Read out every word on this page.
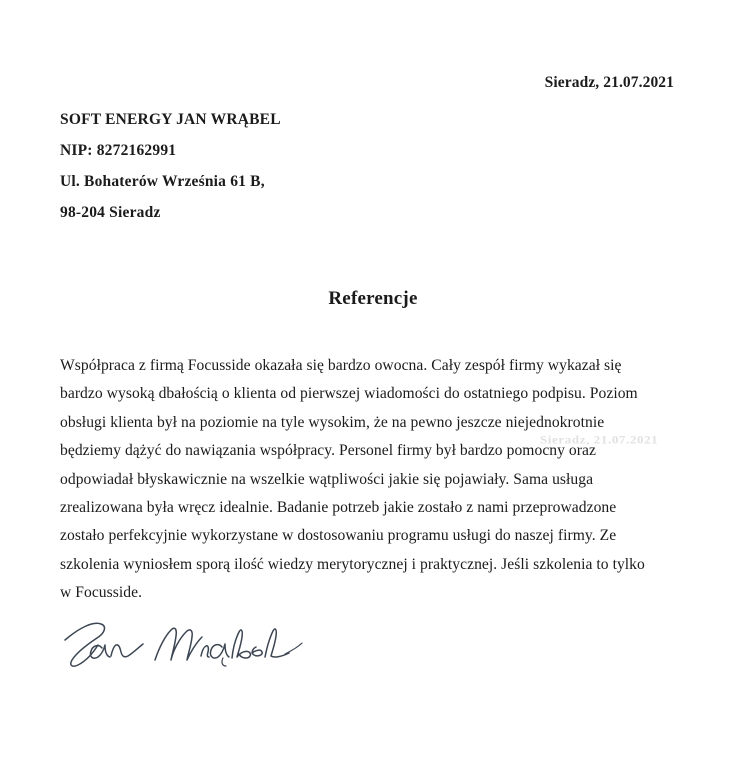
Sieradz, 21.07.2021
SOFT ENERGY JAN WRĄBEL
NIP: 8272162991
Ul. Bohaterów Września 61 B,
98-204 Sieradz
Referencje
Współpraca z firmą Focusside okazała się bardzo owocna. Cały zespół firmy wykazał się
bardzo wysoką dbałością o klienta od pierwszej wiadomości do ostatniego podpisu. Poziom
obsługi klienta był na poziomie na tyle wysokim, że na pewno jeszcze niejednokrotnie
będziemy dążyć do nawiązania współpracy. Personel firmy był bardzo pomocny oraz
odpowiadał błyskawicznie na wszelkie wątpliwości jakie się pojawiały. Sama usługa
zrealizowana była wręcz idealnie. Badanie potrzeb jakie zostało z nami przeprowadzone
zostało perfekcyjnie wykorzystane w dostosowaniu programu usługi do naszej firmy. Ze
szkolenia wyniosłem sporą ilość wiedzy merytorycznej i praktycznej. Jeśli szkolenia to tylko
w Focusside.
Sieradz, 21.07.2021
